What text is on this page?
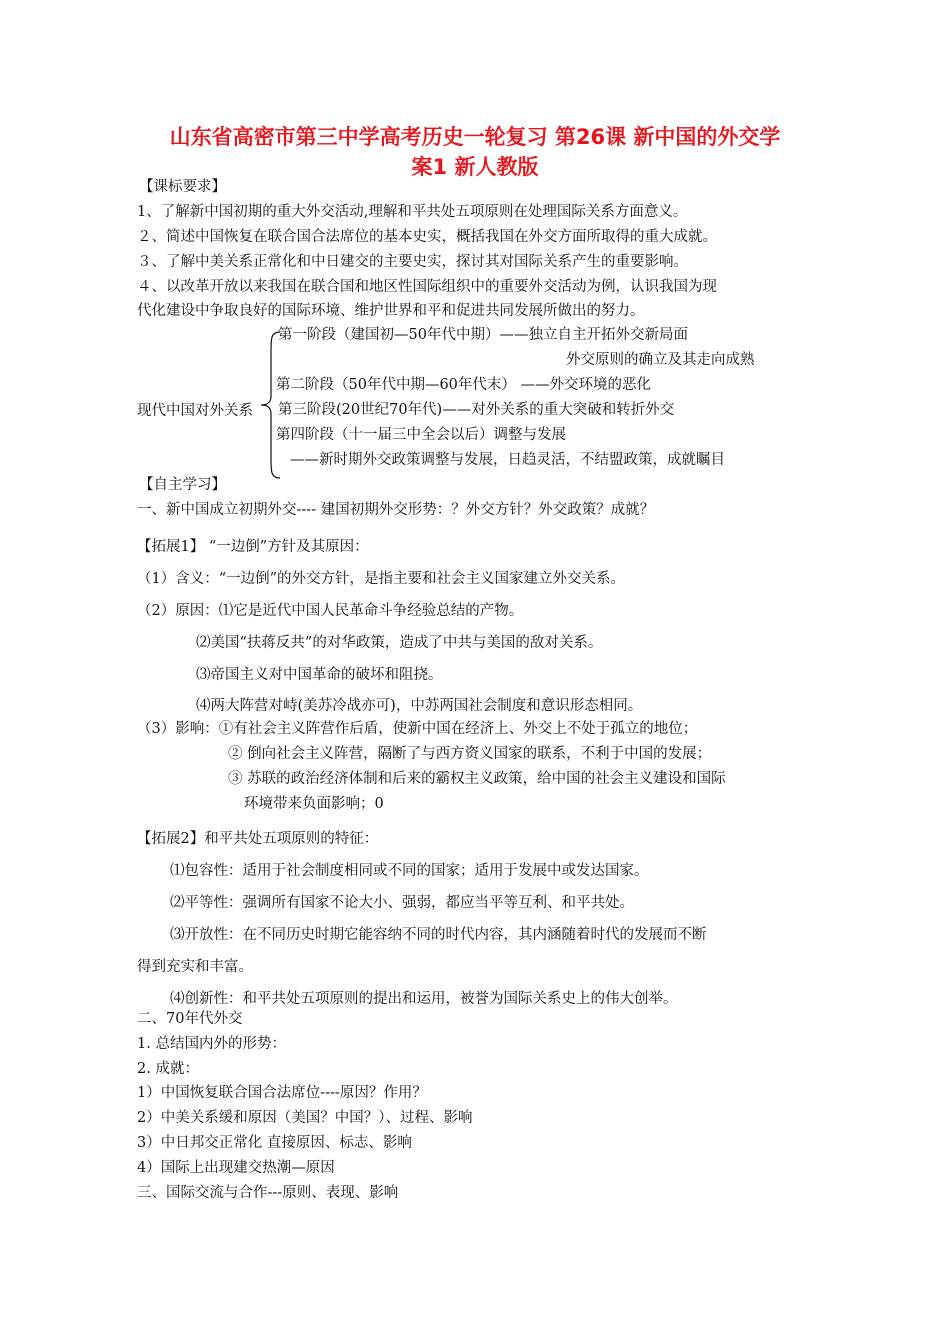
山东省高密市第三中学高考历史一轮复习 第26课 新中国的外交学
案1 新人教版
【课标要求】
1、了解新中国初期的重大外交活动,理解和平共处五项原则在处理国际关系方面意义。
２、简述中国恢复在联合国合法席位的基本史实，概括我国在外交方面所取得的重大成就。
３、了解中美关系正常化和中日建交的主要史实，探讨其对国际关系产生的重要影响。
４、以改革开放以来我国在联合国和地区性国际组织中的重要外交活动为例，认识我国为现
代化建设中争取良好的国际环境、维护世界和平和促进共同发展所做出的努力。
现代中国对外关系
第一阶段（建国初—50年代中期）——独立自主开拓外交新局面
外交原则的确立及其走向成熟
第二阶段（50年代中期—60年代末） ——外交环境的恶化
第三阶段(20世纪70年代)——对外关系的重大突破和转折外交
第四阶段（十一届三中全会以后）调整与发展
——新时期外交政策调整与发展，日趋灵活，不结盟政策，成就瞩目
【自主学习】
一、新中国成立初期外交---- 建国初期外交形势：？外交方针？外交政策？成就？
【拓展1】 “一边倒”方针及其原因：
（1）含义：“一边倒”的外交方针，是指主要和社会主义国家建立外交关系。
（2）原因：⑴它是近代中国人民革命斗争经验总结的产物。
⑵美国“扶蒋反共”的对华政策，造成了中共与美国的敌对关系。
⑶帝国主义对中国革命的破坏和阻挠。
⑷两大阵营对峙(美苏冷战亦可)，中苏两国社会制度和意识形态相同。
（3）影响：①有社会主义阵营作后盾，使新中国在经济上、外交上不处于孤立的地位；
② 倒向社会主义阵营，隔断了与西方资义国家的联系，不利于中国的发展；
③ 苏联的政治经济体制和后来的霸权主义政策，给中国的社会主义建设和国际
环境带来负面影响；0
【拓展2】和平共处五项原则的特征：
⑴包容性：适用于社会制度相同或不同的国家；适用于发展中或发达国家。
⑵平等性：强调所有国家不论大小、强弱，都应当平等互利、和平共处。
⑶开放性：在不同历史时期它能容纳不同的时代内容，其内涵随着时代的发展而不断
得到充实和丰富。
⑷创新性：和平共处五项原则的提出和运用，被誉为国际关系史上的伟大创举。
二、70年代外交
1. 总结国内外的形势：
2. 成就：
1）中国恢复联合国合法席位----原因？作用？
2）中美关系缓和原因（美国？中国？）、过程、影响
3）中日邦交正常化 直接原因、标志、影响
4）国际上出现建交热潮—原因
三、国际交流与合作---原则、表现、影响
